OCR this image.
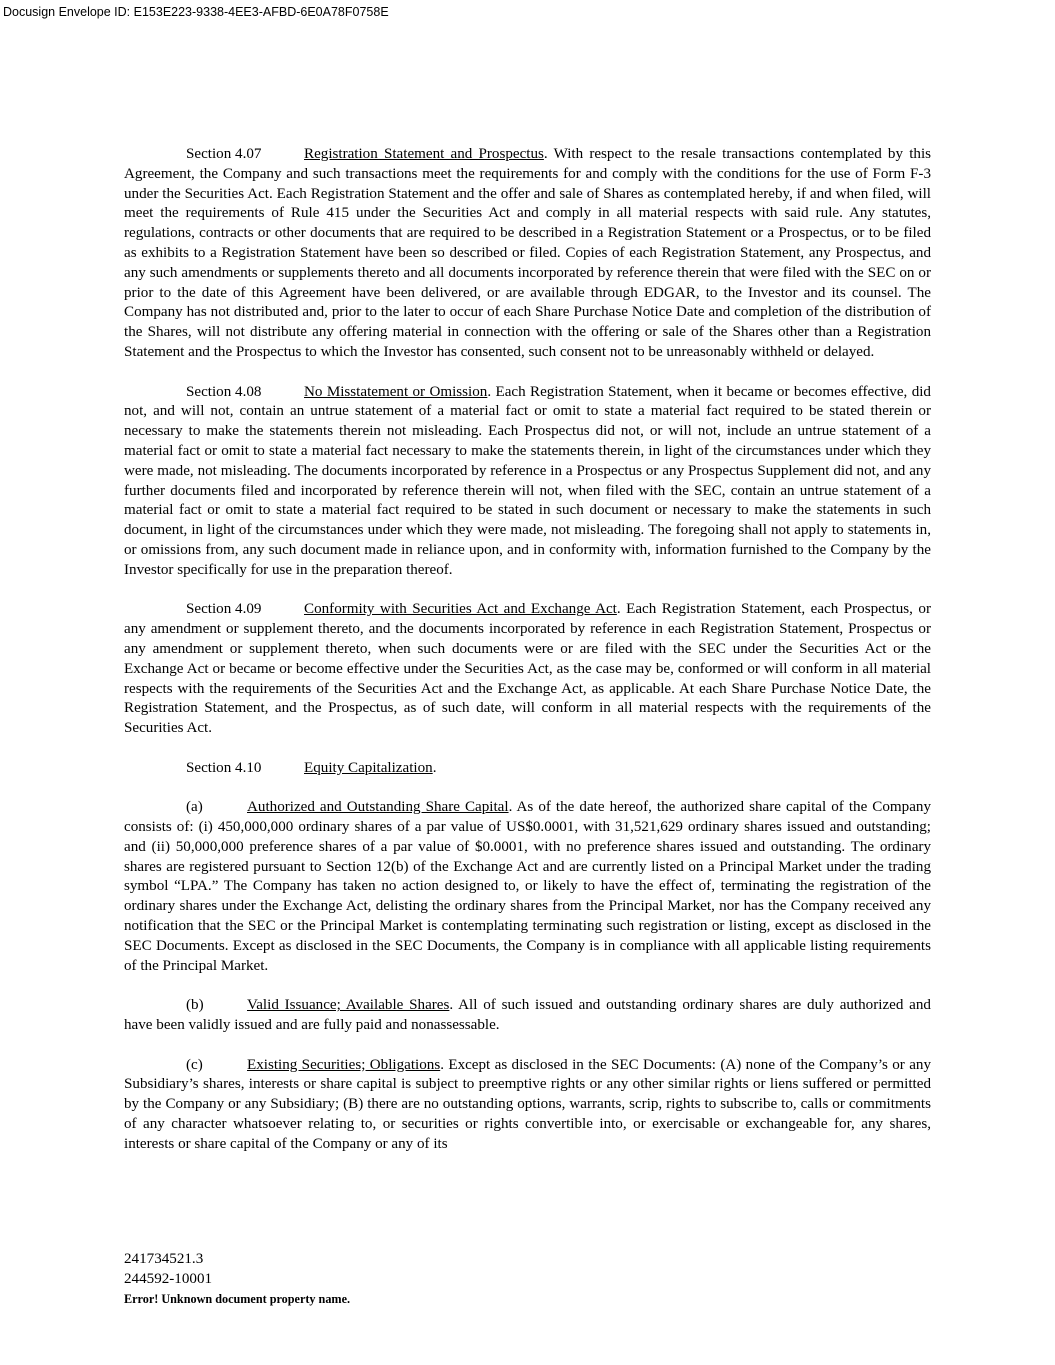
Docusign Envelope ID: E153E223-9338-4EE3-AFBD-6E0A78F0758E

Section 4.07	Registration Statement and Prospectus. With respect to the resale transactions contemplated by this Agreement, the Company and such transactions meet the requirements for and comply with the conditions for the use of Form F-3 under the Securities Act. Each Registration Statement and the offer and sale of Shares as contemplated hereby, if and when filed, will meet the requirements of Rule 415 under the Securities Act and comply in all material respects with said rule. Any statutes, regulations, contracts or other documents that are required to be described in a Registration Statement or a Prospectus, or to be filed as exhibits to a Registration Statement have been so described or filed. Copies of each Registration Statement, any Prospectus, and any such amendments or supplements thereto and all documents incorporated by reference therein that were filed with the SEC on or prior to the date of this Agreement have been delivered, or are available through EDGAR, to the Investor and its counsel. The Company has not distributed and, prior to the later to occur of each Share Purchase Notice Date and completion of the distribution of the Shares, will not distribute any offering material in connection with the offering or sale of the Shares other than a Registration Statement and the Prospectus to which the Investor has consented, such consent not to be unreasonably withheld or delayed.

Section 4.08	No Misstatement or Omission. Each Registration Statement, when it became or becomes effective, did not, and will not, contain an untrue statement of a material fact or omit to state a material fact required to be stated therein or necessary to make the statements therein not misleading. Each Prospectus did not, or will not, include an untrue statement of a material fact or omit to state a material fact necessary to make the statements therein, in light of the circumstances under which they were made, not misleading. The documents incorporated by reference in a Prospectus or any Prospectus Supplement did not, and any further documents filed and incorporated by reference therein will not, when filed with the SEC, contain an untrue statement of a material fact or omit to state a material fact required to be stated in such document or necessary to make the statements in such document, in light of the circumstances under which they were made, not misleading. The foregoing shall not apply to statements in, or omissions from, any such document made in reliance upon, and in conformity with, information furnished to the Company by the Investor specifically for use in the preparation thereof.

Section 4.09	Conformity with Securities Act and Exchange Act. Each Registration Statement, each Prospectus, or any amendment or supplement thereto, and the documents incorporated by reference in each Registration Statement, Prospectus or any amendment or supplement thereto, when such documents were or are filed with the SEC under the Securities Act or the Exchange Act or became or become effective under the Securities Act, as the case may be, conformed or will conform in all material respects with the requirements of the Securities Act and the Exchange Act, as applicable. At each Share Purchase Notice Date, the Registration Statement, and the Prospectus, as of such date, will conform in all material respects with the requirements of the Securities Act.

Section 4.10	Equity Capitalization.

(a)	Authorized and Outstanding Share Capital. As of the date hereof, the authorized share capital of the Company consists of: (i) 450,000,000 ordinary shares of a par value of US$0.0001, with 31,521,629 ordinary shares issued and outstanding; and (ii) 50,000,000 preference shares of a par value of $0.0001, with no preference shares issued and outstanding. The ordinary shares are registered pursuant to Section 12(b) of the Exchange Act and are currently listed on a Principal Market under the trading symbol “LPA.” The Company has taken no action designed to, or likely to have the effect of, terminating the registration of the ordinary shares under the Exchange Act, delisting the ordinary shares from the Principal Market, nor has the Company received any notification that the SEC or the Principal Market is contemplating terminating such registration or listing, except as disclosed in the SEC Documents. Except as disclosed in the SEC Documents, the Company is in compliance with all applicable listing requirements of the Principal Market.

(b)	Valid Issuance; Available Shares. All of such issued and outstanding ordinary shares are duly authorized and have been validly issued and are fully paid and nonassessable.

(c)	Existing Securities; Obligations. Except as disclosed in the SEC Documents: (A) none of the Company’s or any Subsidiary’s shares, interests or share capital is subject to preemptive rights or any other similar rights or liens suffered or permitted by the Company or any Subsidiary; (B) there are no outstanding options, warrants, scrip, rights to subscribe to, calls or commitments of any character whatsoever relating to, or securities or rights convertible into, or exercisable or exchangeable for, any shares, interests or share capital of the Company or any of its

241734521.3
244592-10001
Error! Unknown document property name.
